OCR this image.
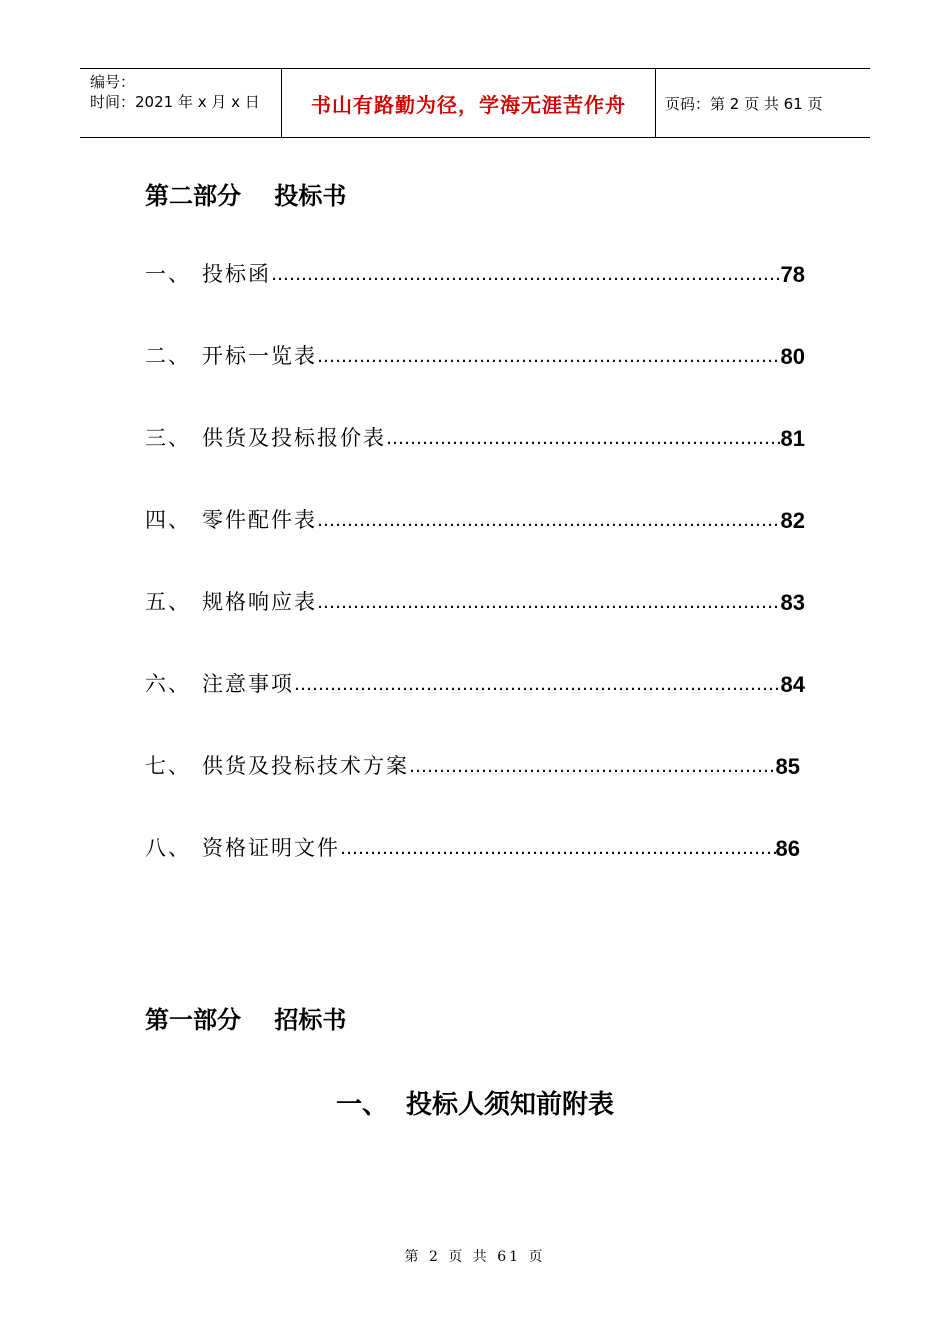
编号：
时间：2021 年 x 月 x 日	书山有路勤为径，学海无涯苦作舟	页码：第 2 页 共 61 页
第二部分    投标书
一、 投标函 ……………………………………………………………………………………………………………………………	78
二、 开标一览表 ……………………………………………………………………………………………………………………………	80
三、 供货及投标报价表 ……………………………………………………………………………………………………………………………	81
四、 零件配件表 ……………………………………………………………………………………………………………………………	82
五、 规格响应表 ……………………………………………………………………………………………………………………………	83
六、 注意事项 ……………………………………………………………………………………………………………………………	84
七、 供货及投标技术方案 ……………………………………………………………………………………………………………………………	85
八、 资格证明文件 ……………………………………………………………………………………………………………………………	86
第一部分    招标书
一、  投标人须知前附表
第 2 页 共 61 页
